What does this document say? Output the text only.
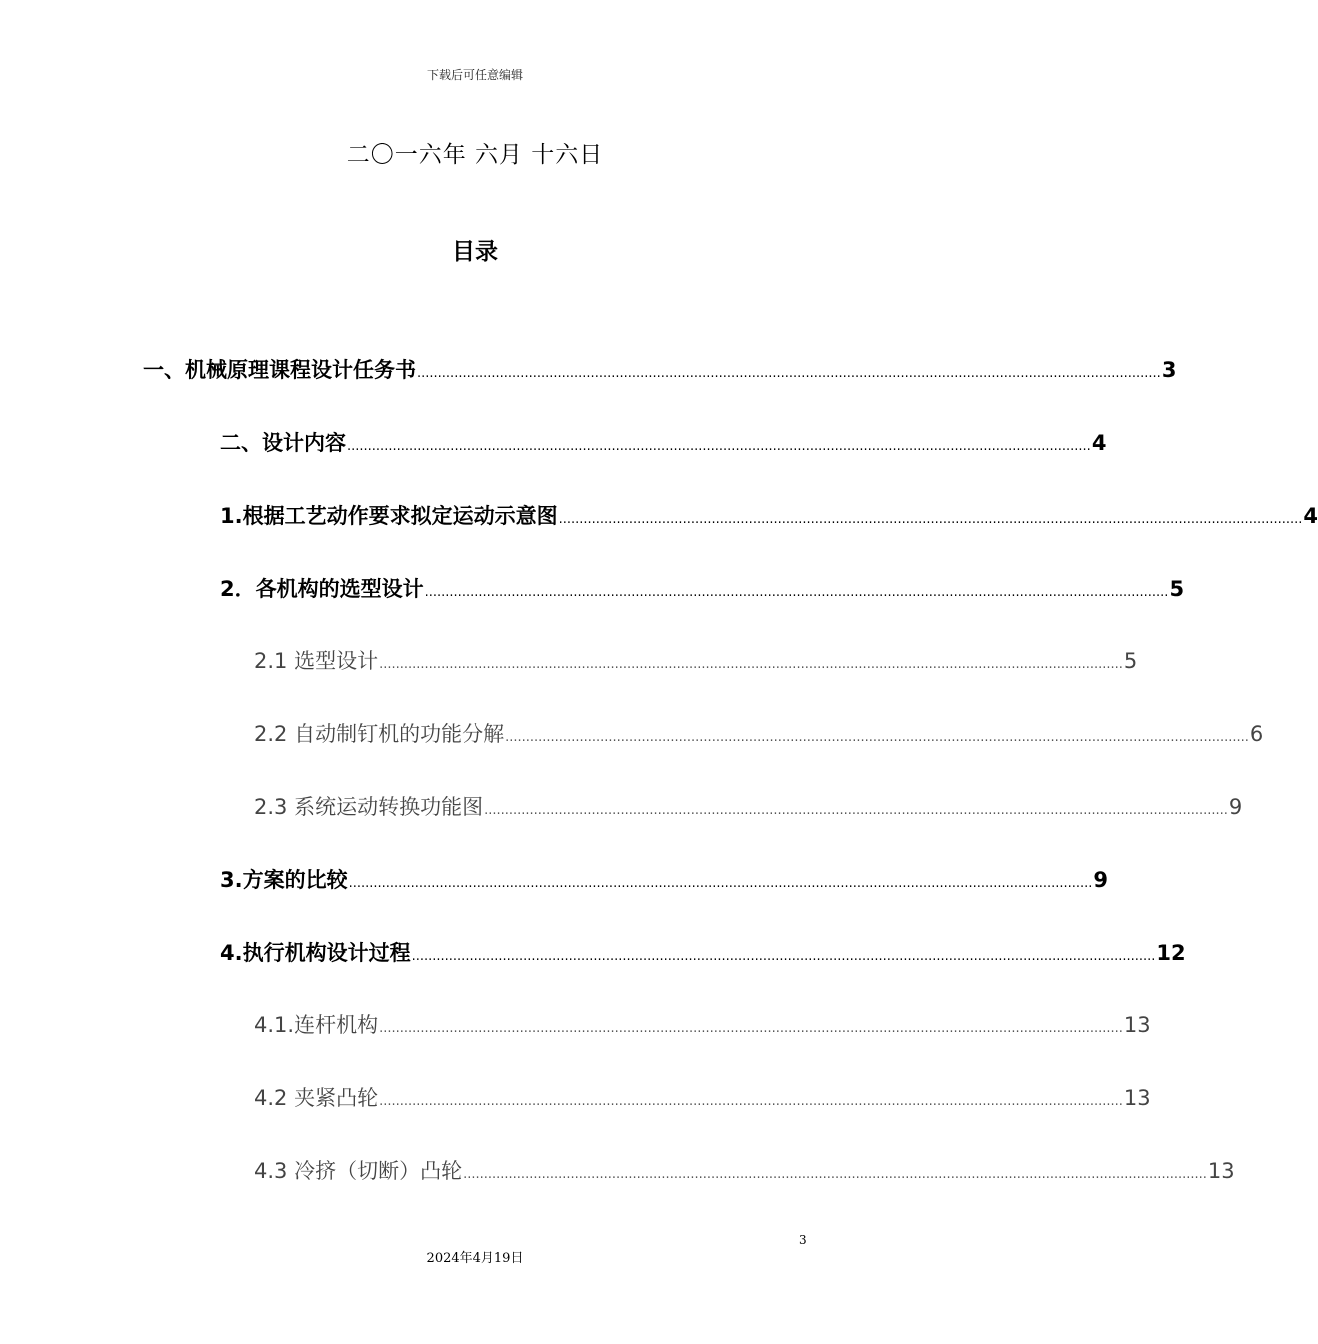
下载后可任意编辑
二〇一六年 六月 十六日
目录
一、机械原理课程设计任务书 .................................................................................................................................................................................... 3
二、设计内容 .................................................................................................................................................................................... 4
1.根据工艺动作要求拟定运动示意图 .................................................................................................................................................................................... 4
2．各机构的选型设计 .................................................................................................................................................................................... 5
2.1 选型设计 .................................................................................................................................................................................... 5
2.2 自动制钉机的功能分解 .................................................................................................................................................................................... 6
2.3 系统运动转换功能图 .................................................................................................................................................................................... 9
3.方案的比较 .................................................................................................................................................................................... 9
4.执行机构设计过程 .................................................................................................................................................................................... 12
4.1.连杆机构 .................................................................................................................................................................................... 13
4.2 夹紧凸轮 .................................................................................................................................................................................... 13
4.3 冷挤（切断）凸轮 .................................................................................................................................................................................... 13
3
2024年4月19日
